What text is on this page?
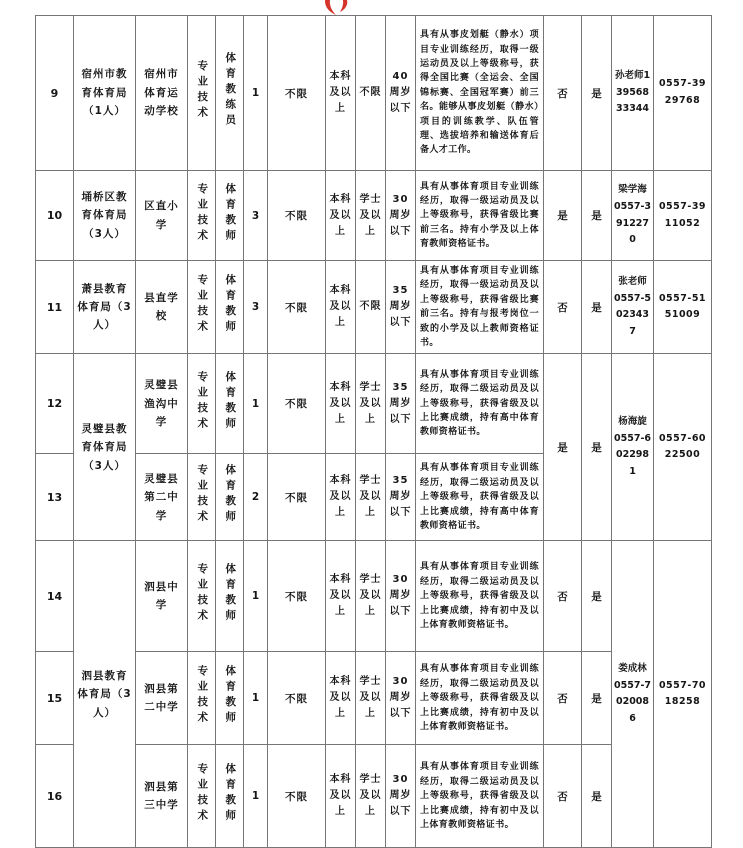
9	宿州市教育体育局（1人）	宿州市体育运动学校	专业技术	体育教练员	1	不限	本科及以上	不限	40周岁以下	具有从事皮划艇（静水）项目专业训练经历，取得一级运动员及以上等级称号，获得全国比赛（全运会、全国锦标赛、全国冠军赛）前三名。能够从事皮划艇（静水）项目的训练教学、队伍管理、选拔培养和输送体育后备人才工作。	否	是	孙老师13956833344	0557-3929768
10	埇桥区教育体育局（3人）	区直小学	专业技术	体育教师	3	不限	本科及以上	学士及以上	30周岁以下	具有从事体育项目专业训练经历，取得一级运动员及以上等级称号，获得省级比赛前三名。持有小学及以上体育教师资格证书。	是	是	梁学海 0557-3912270	0557-3911052
11	萧县教育体育局（3人）	县直学校	专业技术	体育教师	3	不限	本科及以上	不限	35周岁以下	具有从事体育项目专业训练经历，取得一级运动员及以上等级称号，获得省级比赛前三名。持有与报考岗位一致的小学及以上教师资格证书。	否	是	张老师 0557-5023437	0557-5151009
12	灵璧县教育体育局（3人）	灵璧县渔沟中学	专业技术	体育教师	1	不限	本科及以上	学士及以上	35周岁以下	具有从事体育项目专业训练经历，取得二级运动员及以上等级称号，获得省级及以上比赛成绩，持有高中体育教师资格证书。	是	是	杨海旋 0557-6022981	0557-6022500
13		灵璧县第二中学	专业技术	体育教师	2	不限	本科及以上	学士及以上	35周岁以下	具有从事体育项目专业训练经历，取得二级运动员及以上等级称号，获得省级及以上比赛成绩，持有高中体育教师资格证书。				
14	泗县教育体育局（3人）	泗县中学	专业技术	体育教师	1	不限	本科及以上	学士及以上	30周岁以下	具有从事体育项目专业训练经历，取得二级运动员及以上等级称号，获得省级及以上比赛成绩，持有初中及以上体育教师资格证书。	否	是	娄成林 0557-7020086	0557-7018258
15		泗县第二中学	专业技术	体育教师	1	不限	本科及以上	学士及以上	30周岁以下	具有从事体育项目专业训练经历，取得二级运动员及以上等级称号，获得省级及以上比赛成绩，持有初中及以上体育教师资格证书。	否	是		
16		泗县第三中学	专业技术	体育教师	1	不限	本科及以上	学士及以上	30周岁以下	具有从事体育项目专业训练经历，取得二级运动员及以上等级称号，获得省级及以上比赛成绩，持有初中及以上体育教师资格证书。	否	是		
